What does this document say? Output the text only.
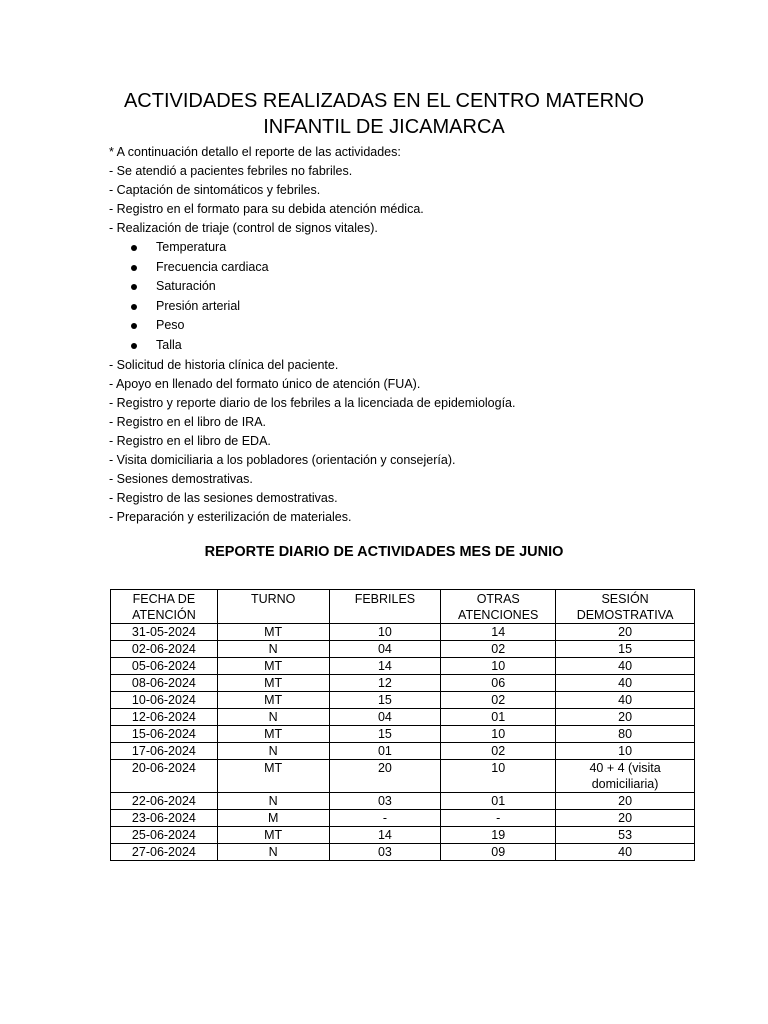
ACTIVIDADES REALIZADAS EN EL CENTRO MATERNO
INFANTIL DE JICAMARCA
* A continuación detallo el reporte de las actividades:
- Se atendió a pacientes febriles no fabriles.
- Captación de sintomáticos y febriles.
- Registro en el formato para su debida atención médica.
- Realización de triaje (control de signos vitales).
Temperatura
Frecuencia cardiaca
Saturación
Presión arterial
Peso
Talla
- Solicitud de historia clínica del paciente.
- Apoyo en llenado del formato único de atención (FUA).
- Registro y reporte diario de los febriles a la licenciada de epidemiología.
- Registro en el libro de IRA.
- Registro en el libro de EDA.
- Visita domiciliaria a los pobladores (orientación y consejería).
- Sesiones demostrativas.
- Registro de las sesiones demostrativas.
- Preparación y esterilización de materiales.
REPORTE DIARIO DE ACTIVIDADES MES DE JUNIO
FECHA DE ATENCIÓN	TURNO	FEBRILES	OTRAS ATENCIONES	SESIÓN DEMOSTRATIVA
31-05-2024	MT	10	14	20
02-06-2024	N	04	02	15
05-06-2024	MT	14	10	40
08-06-2024	MT	12	06	40
10-06-2024	MT	15	02	40
12-06-2024	N	04	01	20
15-06-2024	MT	15	10	80
17-06-2024	N	01	02	10
20-06-2024	MT	20	10	40 + 4 (visita domiciliaria)
22-06-2024	N	03	01	20
23-06-2024	M	-	-	20
25-06-2024	MT	14	19	53
27-06-2024	N	03	09	40
